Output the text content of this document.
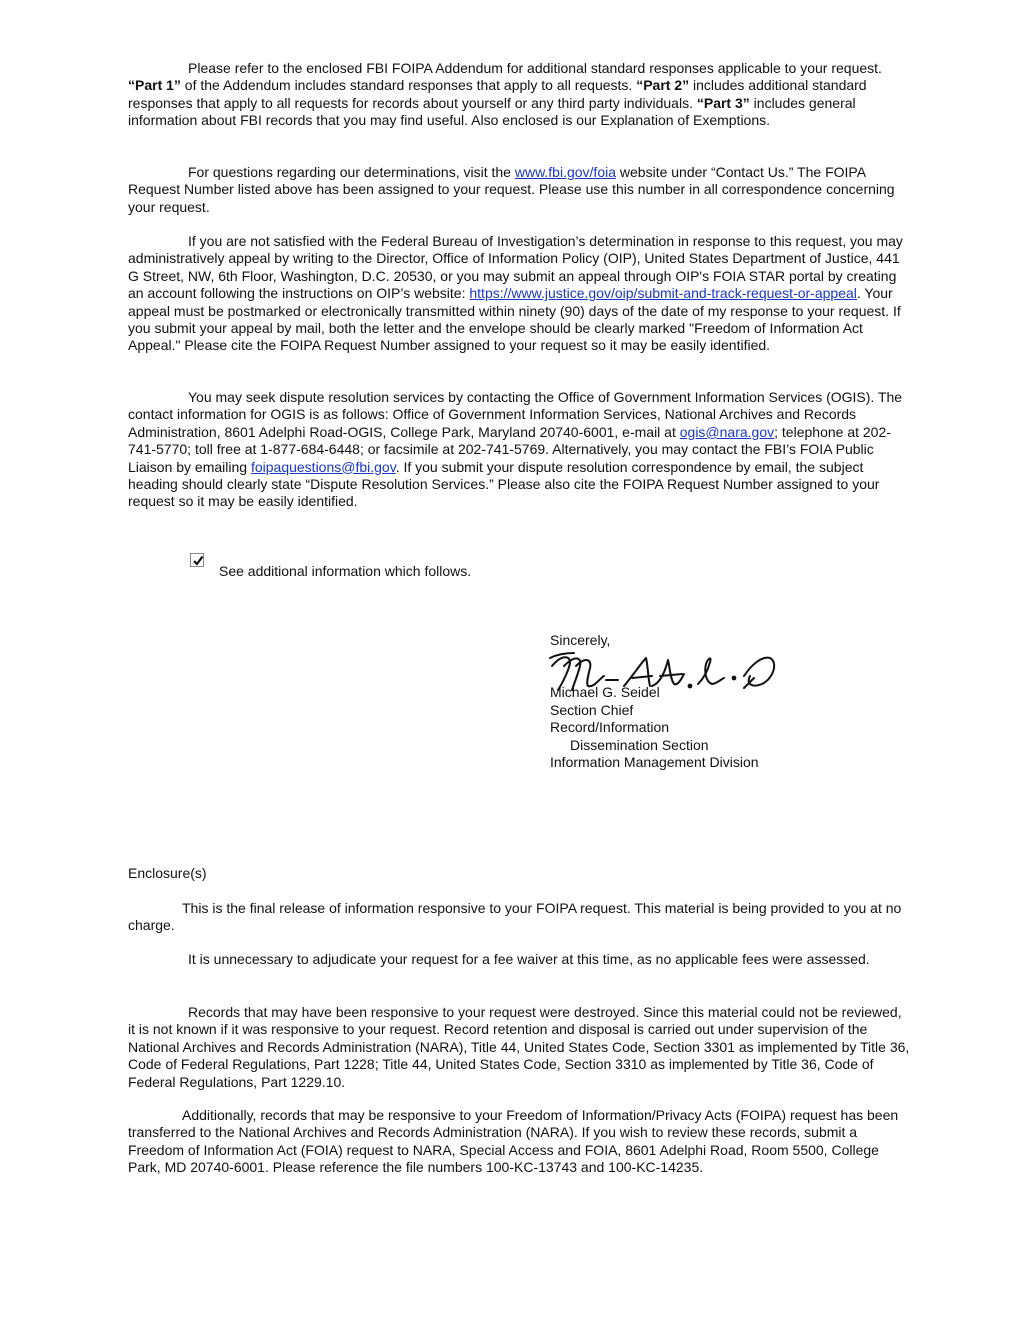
Please refer to the enclosed FBI FOIPA Addendum for additional standard responses applicable to your request. “Part 1” of the Addendum includes standard responses that apply to all requests. “Part 2” includes additional standard responses that apply to all requests for records about yourself or any third party individuals. “Part 3” includes general information about FBI records that you may find useful. Also enclosed is our Explanation of Exemptions.

For questions regarding our determinations, visit the www.fbi.gov/foia website under “Contact Us.” The FOIPA Request Number listed above has been assigned to your request. Please use this number in all correspondence concerning your request.

If you are not satisfied with the Federal Bureau of Investigation’s determination in response to this request, you may administratively appeal by writing to the Director, Office of Information Policy (OIP), United States Department of Justice, 441 G Street, NW, 6th Floor, Washington, D.C. 20530, or you may submit an appeal through OIP's FOIA STAR portal by creating an account following the instructions on OIP’s website: https://www.justice.gov/oip/submit-and-track-request-or-appeal. Your appeal must be postmarked or electronically transmitted within ninety (90) days of the date of my response to your request. If you submit your appeal by mail, both the letter and the envelope should be clearly marked "Freedom of Information Act Appeal." Please cite the FOIPA Request Number assigned to your request so it may be easily identified.

You may seek dispute resolution services by contacting the Office of Government Information Services (OGIS). The contact information for OGIS is as follows: Office of Government Information Services, National Archives and Records Administration, 8601 Adelphi Road-OGIS, College Park, Maryland 20740-6001, e-mail at ogis@nara.gov; telephone at 202-741-5770; toll free at 1-877-684-6448; or facsimile at 202-741-5769. Alternatively, you may contact the FBI’s FOIA Public Liaison by emailing foipaquestions@fbi.gov. If you submit your dispute resolution correspondence by email, the subject heading should clearly state “Dispute Resolution Services.” Please also cite the FOIPA Request Number assigned to your request so it may be easily identified.

See additional information which follows.
Sincerely,
Michael G. Seidel
Section Chief
Record/Information
Dissemination Section
Information Management Division

Enclosure(s)

This is the final release of information responsive to your FOIPA request. This material is being provided to you at no charge.

It is unnecessary to adjudicate your request for a fee waiver at this time, as no applicable fees were assessed.

Records that may have been responsive to your request were destroyed. Since this material could not be reviewed, it is not known if it was responsive to your request. Record retention and disposal is carried out under supervision of the National Archives and Records Administration (NARA), Title 44, United States Code, Section 3301 as implemented by Title 36, Code of Federal Regulations, Part 1228; Title 44, United States Code, Section 3310 as implemented by Title 36, Code of Federal Regulations, Part 1229.10.

Additionally, records that may be responsive to your Freedom of Information/Privacy Acts (FOIPA) request has been transferred to the National Archives and Records Administration (NARA). If you wish to review these records, submit a Freedom of Information Act (FOIA) request to NARA, Special Access and FOIA, 8601 Adelphi Road, Room 5500, College Park, MD 20740-6001. Please reference the file numbers 100-KC-13743 and 100-KC-14235.
